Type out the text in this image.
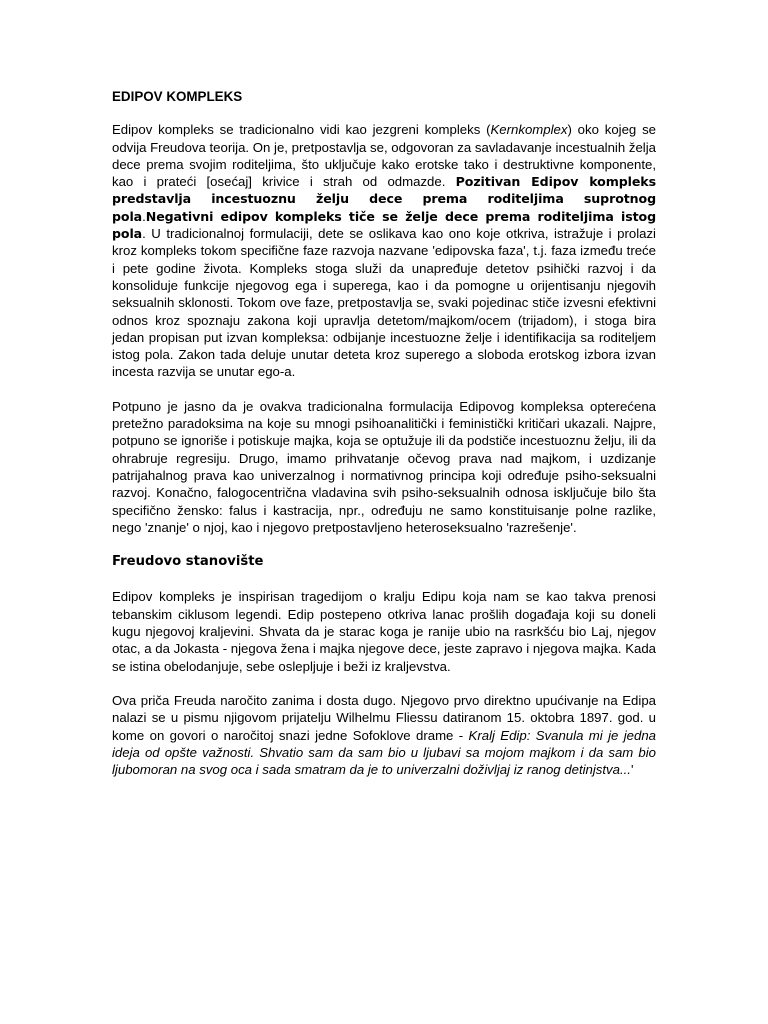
EDIPOV KOMPLEKS

Edipov kompleks se tradicionalno vidi kao jezgreni kompleks (Kernkomplex) oko kojeg se odvija Freudova teorija. On je, pretpostavlja se, odgovoran za savladavanje incestualnih želja dece prema svojim roditeljima, što uključuje kako erotske tako i destruktivne komponente, kao i prateći [osećaj] krivice i strah od odmazde. Pozitivan Edipov kompleks predstavlja incestuoznu želju dece prema roditeljima suprotnog pola.Negativni edipov kompleks tiče se želje dece prema roditeljima istog pola. U tradicionalnoj formulaciji, dete se oslikava kao ono koje otkriva, istražuje i prolazi kroz kompleks tokom specifične faze razvoja nazvane 'edipovska faza', t.j. faza između treće i pete godine života. Kompleks stoga služi da unapređuje detetov psihički razvoj i da konsoliduje funkcije njegovog ega i superega, kao i da pomogne u orijentisanju njegovih seksualnih sklonosti. Tokom ove faze, pretpostavlja se, svaki pojedinac stiče izvesni efektivni odnos kroz spoznaju zakona koji upravlja detetom/majkom/ocem (trijadom), i stoga bira jedan propisan put izvan kompleksa: odbijanje incestuozne želje i identifikacija sa roditeljem istog pola. Zakon tada deluje unutar deteta kroz superego a sloboda erotskog izbora izvan incesta razvija se unutar ego-a.

Potpuno je jasno da je ovakva tradicionalna formulacija Edipovog kompleksa opterećena pretežno paradoksima na koje su mnogi psihoanalitički i feministički kritičari ukazali. Najpre, potpuno se ignoriše i potiskuje majka, koja se optužuje ili da podstiče incestuoznu želju, ili da ohrabruje regresiju. Drugo, imamo prihvatanje očevog prava nad majkom, i uzdizanje patrijahalnog prava kao univerzalnog i normativnog principa koji određuje psiho-seksualni razvoj. Konačno, falogocentrična vladavina svih psiho-seksualnih odnosa isključuje bilo šta specifično žensko: falus i kastracija, npr., određuju ne samo konstituisanje polne razlike, nego 'znanje' o njoj, kao i njegovo pretpostavljeno heteroseksualno 'razrešenje'.

Freudovo stanovište

Edipov kompleks je inspirisan tragedijom o kralju Edipu koja nam se kao takva prenosi tebanskim ciklusom legendi. Edip postepeno otkriva lanac prošlih događaja koji su doneli kugu njegovoj kraljevini. Shvata da je starac koga je ranije ubio na rasrkšću bio Laj, njegov otac, a da Jokasta - njegova žena i majka njegove dece, jeste zapravo i njegova majka. Kada se istina obelodanjuje, sebe oslepljuje i beži iz kraljevstva.

Ova priča Freuda naročito zanima i dosta dugo. Njegovo prvo direktno upućivanje na Edipa nalazi se u pismu njigovom prijatelju Wilhelmu Fliessu datiranom 15. oktobra 1897. god. u kome on govori o naročitoj snazi jedne Sofoklove drame - Kralj Edip: Svanula mi je jedna ideja od opšte važnosti. Shvatio sam da sam bio u ljubavi sa mojom majkom i da sam bio ljubomoran na svog oca i sada smatram da je to univerzalni doživljaj iz ranog detinjstva...'
